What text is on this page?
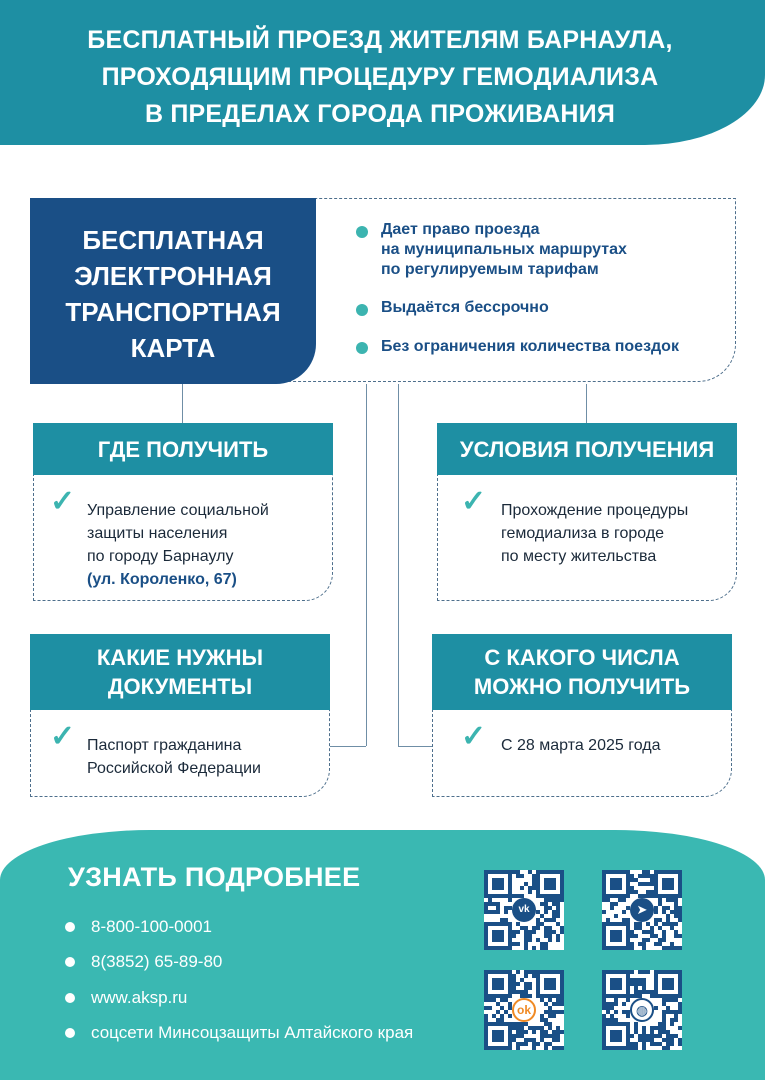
БЕСПЛАТНЫЙ ПРОЕЗД ЖИТЕЛЯМ БАРНАУЛА,
ПРОХОДЯЩИМ ПРОЦЕДУРУ ГЕМОДИАЛИЗА
В ПРЕДЕЛАХ ГОРОДА ПРОЖИВАНИЯ
БЕСПЛАТНАЯ
ЭЛЕКТРОННАЯ
ТРАНСПОРТНАЯ
КАРТА
Дает право проезда
на муниципальных маршрутах
по регулируемым тарифам
Выдаётся бессрочно
Без ограничения количества поездок
ГДЕ ПОЛУЧИТЬ
✓ Управление социальной
защиты населения
по городу Барнаулу
(ул. Короленко, 67)
УСЛОВИЯ ПОЛУЧЕНИЯ
✓ Прохождение процедуры
гемодиализа в городе
по месту жительства
КАКИЕ НУЖНЫ
ДОКУМЕНТЫ
✓ Паспорт гражданина
Российской Федерации
С КАКОГО ЧИСЛА
МОЖНО ПОЛУЧИТЬ
✓ С 28 марта 2025 года
УЗНАТЬ ПОДРОБНЕЕ
8-800-100-0001
8(3852) 65-89-80
www.aksp.ru
соцсети Минсоцзащиты Алтайского края
vk	➤
ok	◍
